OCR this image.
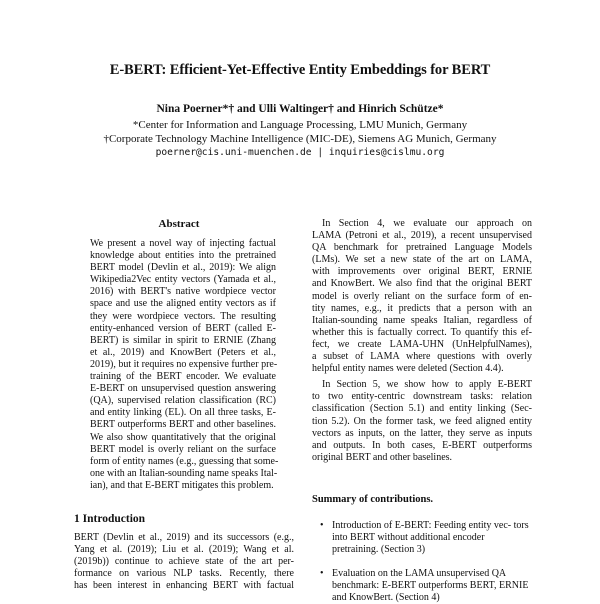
E-BERT: Efficient-Yet-Effective Entity Embeddings for BERT
Nina Poerner*† and Ulli Waltinger† and Hinrich Schütze*
*Center for Information and Language Processing, LMU Munich, Germany
†Corporate Technology Machine Intelligence (MIC-DE), Siemens AG Munich, Germany
poerner@cis.uni-muenchen.de | inquiries@cislmu.org
Abstract
We present a novel way of injecting factual
knowledge about entities into the pretrained
BERT model (Devlin et al., 2019): We align
Wikipedia2Vec entity vectors (Yamada et al.,
2016) with BERT's native wordpiece vector
space and use the aligned entity vectors as if
they were wordpiece vectors. The resulting
entity-enhanced version of BERT (called E-
BERT) is similar in spirit to ERNIE (Zhang
et al., 2019) and KnowBert (Peters et al.,
2019), but it requires no expensive further pre-
training of the BERT encoder. We evaluate
E-BERT on unsupervised question answering
(QA), supervised relation classification (RC)
and entity linking (EL). On all three tasks, E-
BERT outperforms BERT and other baselines.
We also show quantitatively that the original
BERT model is overly reliant on the surface
form of entity names (e.g., guessing that some-
one with an Italian-sounding name speaks Ital-
ian), and that E-BERT mitigates this problem.
1 Introduction
BERT (Devlin et al., 2019) and its successors (e.g.,
Yang et al. (2019); Liu et al. (2019); Wang et al.
(2019b)) continue to achieve state of the art per-
formance on various NLP tasks. Recently, there
has been interest in enhancing BERT with factual
In Section 4, we evaluate our approach on
LAMA (Petroni et al., 2019), a recent unsupervised
QA benchmark for pretrained Language Models
(LMs). We set a new state of the art on LAMA,
with improvements over original BERT, ERNIE
and KnowBert. We also find that the original BERT
model is overly reliant on the surface form of en-
tity names, e.g., it predicts that a person with an
Italian-sounding name speaks Italian, regardless of
whether this is factually correct. To quantify this ef-
fect, we create LAMA-UHN (UnHelpfulNames),
a subset of LAMA where questions with overly
helpful entity names were deleted (Section 4.4).
In Section 5, we show how to apply E-BERT
to two entity-centric downstream tasks: relation
classification (Section 5.1) and entity linking (Sec-
tion 5.2). On the former task, we feed aligned entity
vectors as inputs, on the latter, they serve as inputs
and outputs. In both cases, E-BERT outperforms
original BERT and other baselines.
Summary of contributions.
• Introduction of E-BERT: Feeding entity vec- tors into BERT without additional encoder pretraining. (Section 3)
• Evaluation on the LAMA unsupervised QA benchmark: E-BERT outperforms BERT, ERNIE and KnowBert. (Section 4)
